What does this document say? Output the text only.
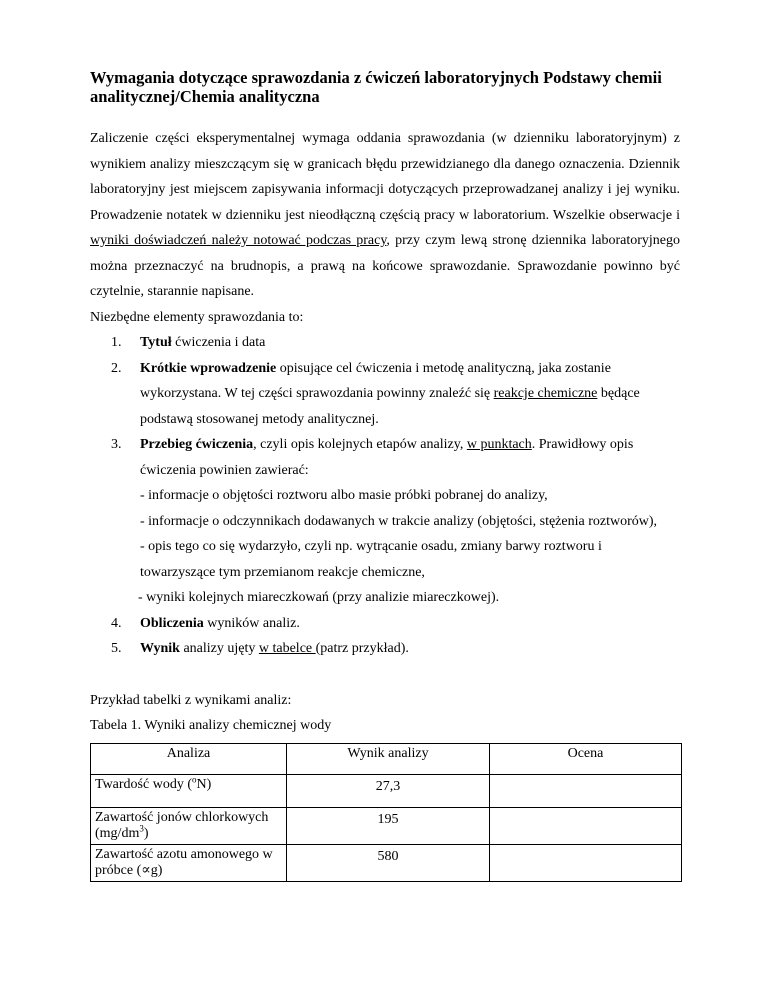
Wymagania dotyczące sprawozdania z ćwiczeń laboratoryjnych Podstawy chemii analitycznej/Chemia analityczna

Zaliczenie części eksperymentalnej wymaga oddania sprawozdania (w dzienniku laboratoryjnym) z wynikiem analizy mieszczącym się w granicach błędu przewidzianego dla danego oznaczenia. Dziennik laboratoryjny jest miejscem zapisywania informacji dotyczących przeprowadzanej analizy i jej wyniku. Prowadzenie notatek w dzienniku jest nieodłączną częścią pracy w laboratorium. Wszelkie obserwacje i wyniki doświadczeń należy notować podczas pracy, przy czym lewą stronę dziennika laboratoryjnego można przeznaczyć na brudnopis, a prawą na końcowe sprawozdanie. Sprawozdanie powinno być czytelnie, starannie napisane.

Niezbędne elementy sprawozdania to:

1. Tytuł ćwiczenia i data
2. Krótkie wprowadzenie opisujące cel ćwiczenia i metodę analityczną, jaka zostanie wykorzystana. W tej części sprawozdania powinny znaleźć się reakcje chemiczne będące podstawą stosowanej metody analitycznej.
3. Przebieg ćwiczenia, czyli opis kolejnych etapów analizy, w punktach. Prawidłowy opis ćwiczenia powinien zawierać:
- informacje o objętości roztworu albo masie próbki pobranej do analizy,
- informacje o odczynnikach dodawanych w trakcie analizy (objętości, stężenia roztworów),
- opis tego co się wydarzyło, czyli np. wytrącanie osadu, zmiany barwy roztworu i towarzyszące tym przemianom reakcje chemiczne,
- wyniki kolejnych miareczkowań (przy analizie miareczkowej).
4. Obliczenia wyników analiz.
5. Wynik analizy ujęty w tabelce (patrz przykład).

Przykład tabelki z wynikami analiz:

Tabela 1. Wyniki analizy chemicznej wody

Analiza	Wynik analizy	Ocena
Twardość wody ($^o$N)	27,3	
Zawartość jonów chlorkowych $(mg/dm^3)$	195	
Zawartość azotu amonowego w próbce (∝g)	580	
